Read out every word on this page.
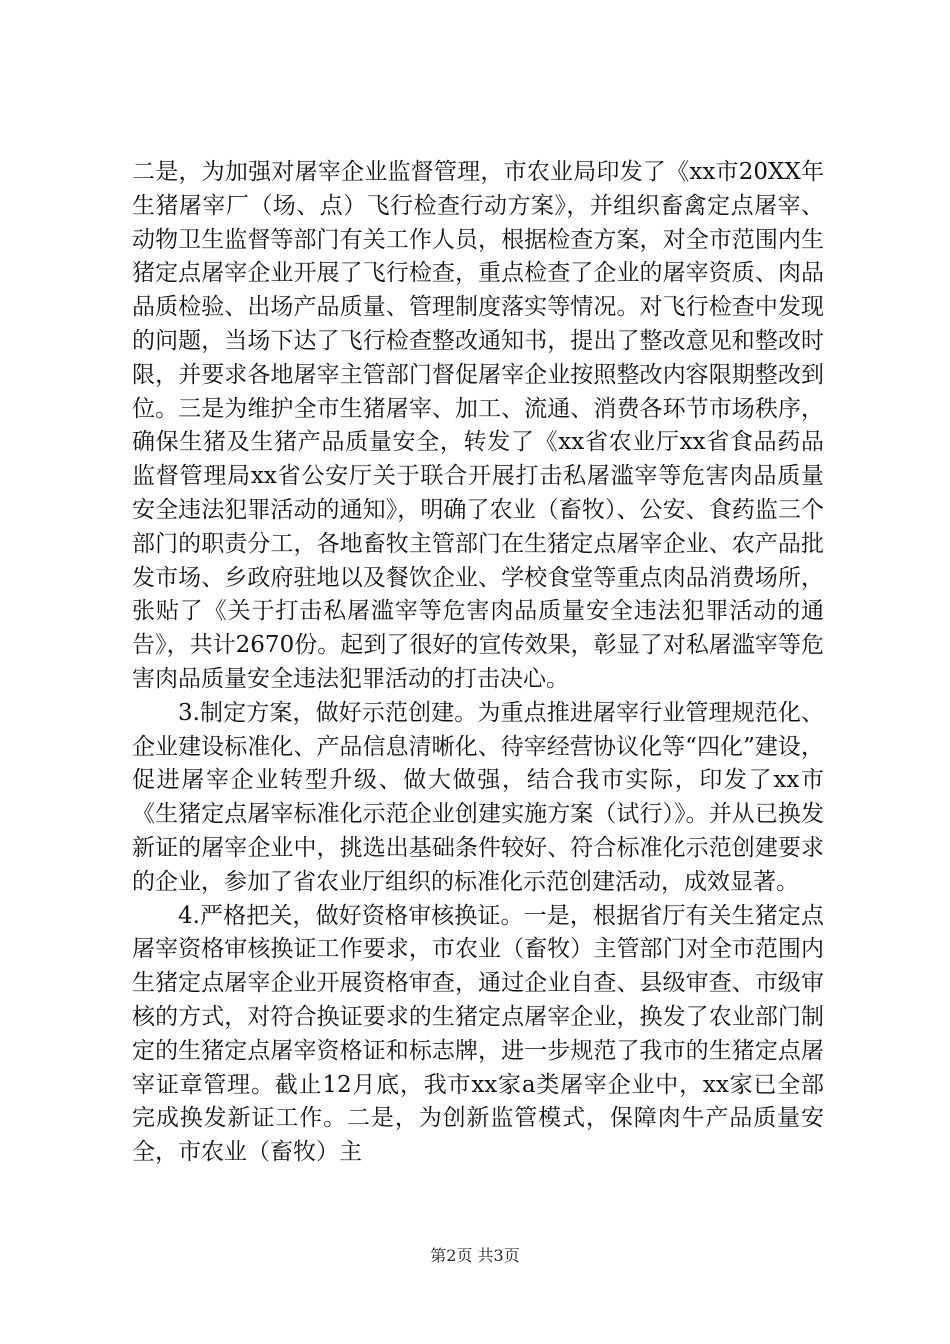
二是，为加强对屠宰企业监督管理，市农业局印发了《xx市20XX年生猪屠宰厂（场、点）飞行检查行动方案》，并组织畜禽定点屠宰、动物卫生监督等部门有关工作人员，根据检查方案，对全市范围内生猪定点屠宰企业开展了飞行检查，重点检查了企业的屠宰资质、肉品品质检验、出场产品质量、管理制度落实等情况。对飞行检查中发现的问题，当场下达了飞行检查整改通知书，提出了整改意见和整改时限，并要求各地屠宰主管部门督促屠宰企业按照整改内容限期整改到位。三是为维护全市生猪屠宰、加工、流通、消费各环节市场秩序，确保生猪及生猪产品质量安全，转发了《xx省农业厅xx省食品药品监督管理局xx省公安厅关于联合开展打击私屠滥宰等危害肉品质量安全违法犯罪活动的通知》，明确了农业（畜牧）、公安、食药监三个部门的职责分工，各地畜牧主管部门在生猪定点屠宰企业、农产品批发市场、乡政府驻地以及餐饮企业、学校食堂等重点肉品消费场所，张贴了《关于打击私屠滥宰等危害肉品质量安全违法犯罪活动的通告》，共计2670份。起到了很好的宣传效果，彰显了对私屠滥宰等危害肉品质量安全违法犯罪活动的打击决心。

3.制定方案，做好示范创建。为重点推进屠宰行业管理规范化、企业建设标准化、产品信息清晰化、待宰经营协议化等“四化”建设，促进屠宰企业转型升级、做大做强，结合我市实际，印发了xx市《生猪定点屠宰标准化示范企业创建实施方案（试行）》。并从已换发新证的屠宰企业中，挑选出基础条件较好、符合标准化示范创建要求的企业，参加了省农业厅组织的标准化示范创建活动，成效显著。

4.严格把关，做好资格审核换证。一是，根据省厅有关生猪定点屠宰资格审核换证工作要求，市农业（畜牧）主管部门对全市范围内生猪定点屠宰企业开展资格审查，通过企业自查、县级审查、市级审核的方式，对符合换证要求的生猪定点屠宰企业，换发了农业部门制定的生猪定点屠宰资格证和标志牌，进一步规范了我市的生猪定点屠宰证章管理。截止12月底，我市xx家a类屠宰企业中，xx家已全部完成换发新证工作。二是，为创新监管模式，保障肉牛产品质量安全，市农业（畜牧）主

第2页 共3页
